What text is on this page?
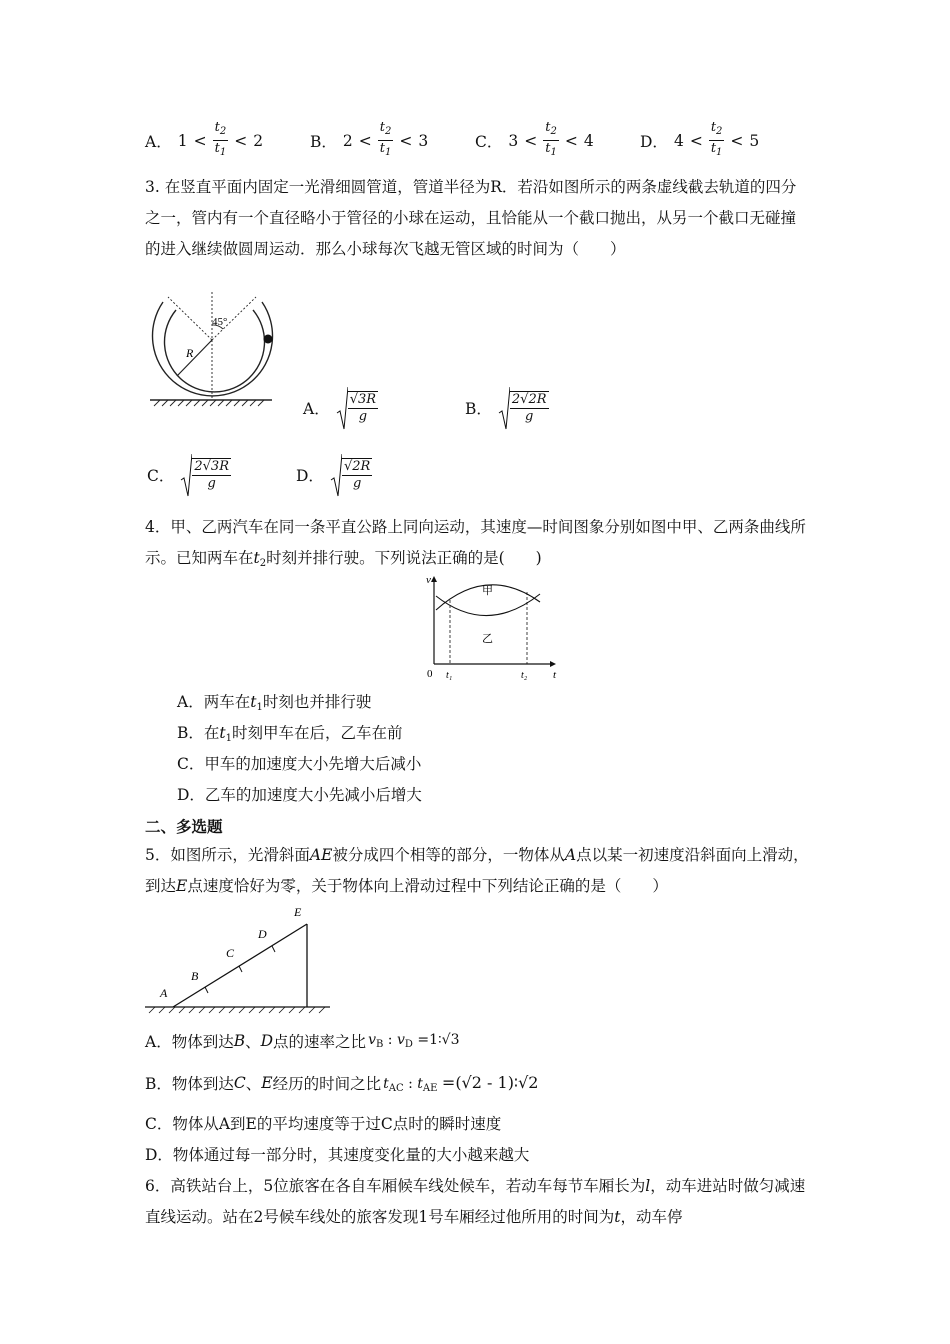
A． $1 < \frac{t_2}{t_1} < 2$	B． $2 < \frac{t_2}{t_1} < 3$	C． $3 < \frac{t_2}{t_1} < 4$	D． $4 < \frac{t_2}{t_1} < 5$
3. 在竖直平面内固定一光滑细圆管道，管道半径为R．若沿如图所示的两条虚线截去轨道的四分之一，管内有一个直径略小于管径的小球在运动，且恰能从一个截口抛出，从另一个截口无碰撞的进入继续做圆周运动．那么小球每次飞越无管区域的时间为（　　）
45°
R
A． $\frac{√3R}{g}$	B． $\frac{2√2R}{g}$
C． $\frac{2√3R}{g}$	D． $\frac{√2R}{g}$
4．甲、乙两汽车在同一条平直公路上同向运动，其速度—时间图象分别如图中甲、乙两条曲线所示。已知两车在$t_2$时刻并排行驶。下列说法正确的是(　　)
v
t
0 t₁	t₂
甲
乙
A．两车在$t_1$时刻也并排行驶
B．在$t_1$时刻甲车在后，乙车在前
C．甲车的加速度大小先增大后减小
D．乙车的加速度大小先减小后增大
二、多选题
5．如图所示，光滑斜面AE被分成四个相等的部分，一物体从A点以某一初速度沿斜面向上滑动，到达E点速度恰好为零，关于物体向上滑动过程中下列结论正确的是（　　）
A
B
C
D
E
A．物体到达 B 、 D 点的速率之比 $v_B$ : $v_D$ =1∶√3
B．物体到达 C 、 E 经历的时间之比 $t_{AC}$ : $t_{AE} =(√2$ - 1)∶√2
C．物体从A到E的平均速度等于过C点时的瞬时速度
D．物体通过每一部分时，其速度变化量的大小越来越大
6．高铁站台上，5位旅客在各自车厢候车线处候车，若动车每节车厢长为l，动车进站时做匀减速直线运动。站在2号候车线处的旅客发现1号车厢经过他所用的时间为t，动车停
